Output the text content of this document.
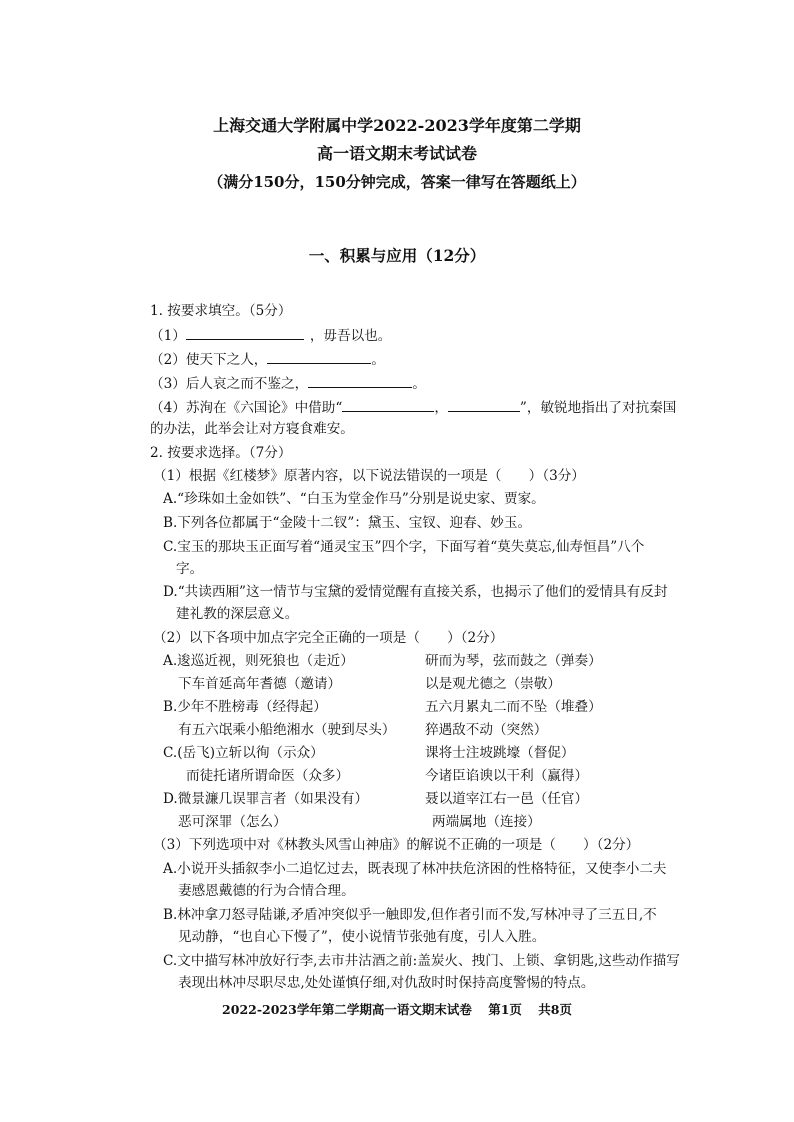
上海交通大学附属中学2022-2023学年度第二学期
高一语文期末考试试卷
（满分150分，150分钟完成，答案一律写在答题纸上）
一、积累与应用（12分）
1. 按要求填空。（5分）
（1）	，毋吾以也。
（2）使天下之人，	。
（3）后人哀之而不鉴之，	。
（4）苏洵在《六国论》中借助“	，	”，敏锐地指出了对抗秦国
的办法，此举会让对方寝食难安。
2. 按要求选择。（7分）
（1）根据《红楼梦》原著内容，以下说法错误的一项是（　　）（3分）
A.“珍珠如土金如铁”、“白玉为堂金作马”分别是说史家、贾家。
B.下列各位都属于“金陵十二钗”：黛玉、宝钗、迎春、妙玉。
C.宝玉的那块玉正面写着“通灵宝玉”四个字，下面写着“莫失莫忘,仙寿恒昌”八个
字。
D.“共读西厢”这一情节与宝黛的爱情觉醒有直接关系，也揭示了他们的爱情具有反封
建礼教的深层意义。
（2）以下各项中加点字完全正确的一项是（　　）（2分）
A.逡巡近视，则死狼也（走近）	研而为琴，弦而鼓之（弹奏）
下车首延高年耆德（邀请）	以是观尤德之（崇敬）
B.少年不胜榜毒（经得起）	五六月累丸二而不坠（堆叠）
有五六氓乘小船绝湘水（驶到尽头） 猝遇敌不动（突然）
C.(岳飞)立斩以徇（示众）	课将士注坡跳壕（督促）
而徒托诸所谓命医（众多）	今诸臣谄谀以干利（赢得）
D.微景濂几误罪言者（如果没有）	聂以道宰江右一邑（任官）
恶可深罪（怎么）	两端属地（连接）
（3）下列选项中对《林教头风雪山神庙》的解说不正确的一项是（　　）（2分）
A.小说开头插叙李小二追忆过去，既表现了林冲扶危济困的性格特征，又使李小二夫
妻感恩戴德的行为合情合理。
B.林冲拿刀怒寻陆谦,矛盾冲突似乎一触即发,但作者引而不发,写林冲寻了三五日,不
见动静，“也自心下慢了”，使小说情节张弛有度，引人入胜。
C.文中描写林冲放好行李,去市井沽酒之前:盖炭火、拽门、上锁、拿钥匙,这些动作描写
表现出林冲尽职尽忠,处处谨慎仔细,对仇敌时时保持高度警惕的特点。
2022-2023学年第二学期高一语文期末试卷 第1页 共8页
